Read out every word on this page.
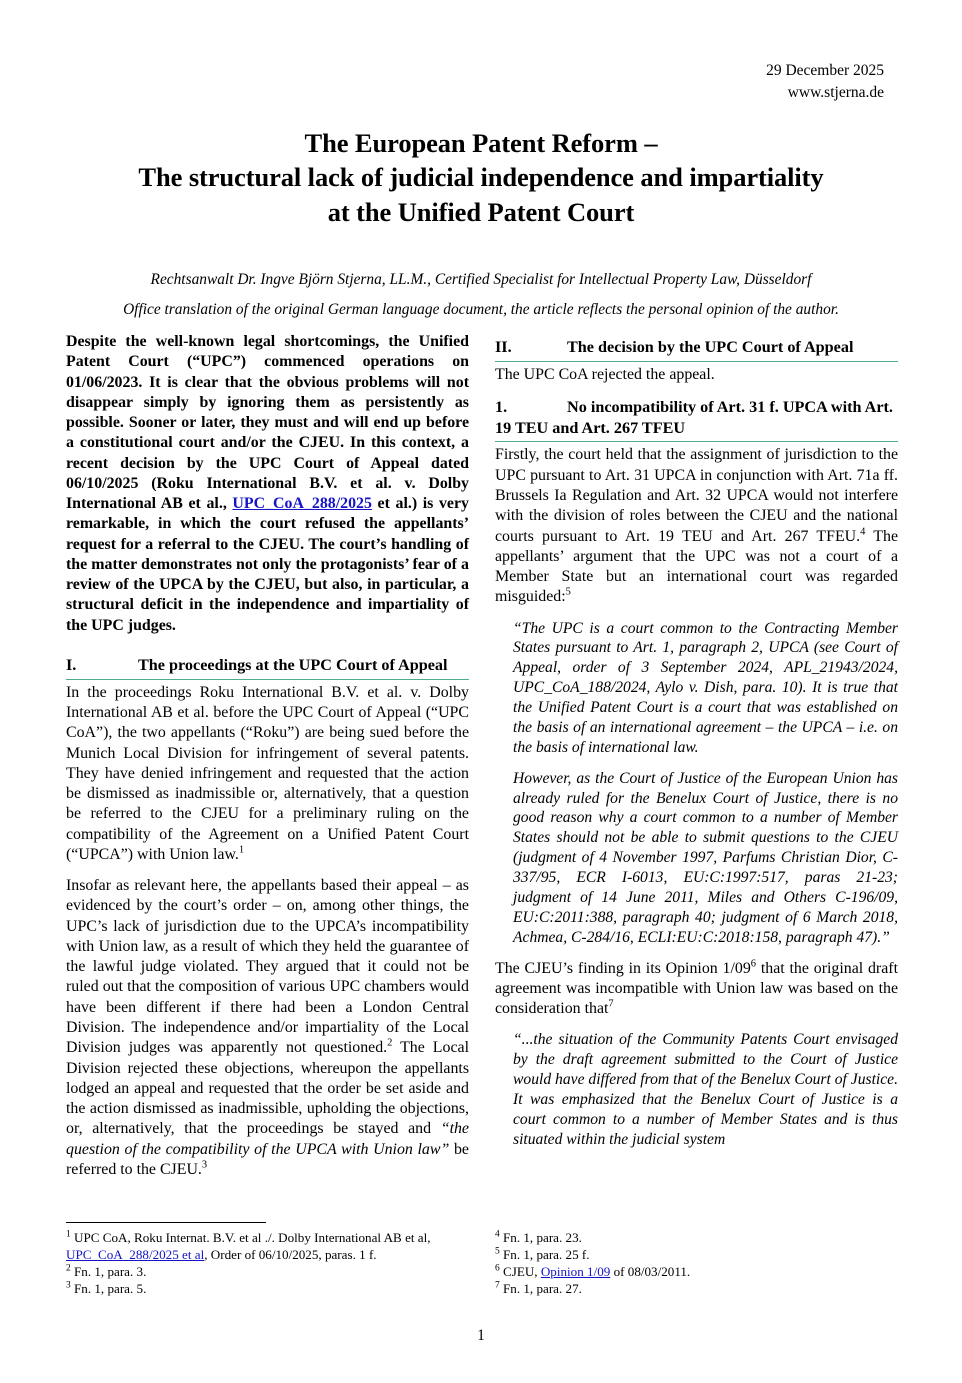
29 December 2025
www.stjerna.de
The European Patent Reform –
The structural lack of judicial independence and impartiality
at the Unified Patent Court
Rechtsanwalt Dr. Ingve Björn Stjerna, LL.M., Certified Specialist for Intellectual Property Law, Düsseldorf
Office translation of the original German language document, the article reflects the personal opinion of the author.

Despite the well-known legal shortcomings, the Unified Patent Court (“UPC”) commenced operations on 01/06/2023. It is clear that the obvious problems will not disappear simply by ignoring them as persistently as possible. Sooner or later, they must and will end up before a constitutional court and/or the CJEU. In this context, a recent decision by the UPC Court of Appeal dated 06/10/2025 (Roku International B.V. et al. v. Dolby International AB et al., UPC_CoA_288/2025 et al.) is very remarkable, in which the court refused the appellants’ request for a referral to the CJEU. The court’s handling of the matter demonstrates not only the protagonists’ fear of a review of the UPCA by the CJEU, but also, in particular, a structural deficit in the independence and impartiality of the UPC judges.

I.	The proceedings at the UPC Court of Appeal

In the proceedings Roku International B.V. et al. v. Dolby International AB et al. before the UPC Court of Appeal (“UPC CoA”), the two appellants (“Roku”) are being sued before the Munich Local Division for infringement of several patents. They have denied infringement and requested that the action be dismissed as inadmissible or, alternatively, that a question be referred to the CJEU for a preliminary ruling on the compatibility of the Agreement on a Unified Patent Court (“UPCA”) with Union law.$^1$

Insofar as relevant here, the appellants based their appeal – as evidenced by the court’s order – on, among other things, the UPC’s lack of jurisdiction due to the UPCA’s incompatibility with Union law, as a result of which they held the guarantee of the lawful judge violated. They argued that it could not be ruled out that the composition of various UPC chambers would have been different if there had been a London Central Division. The independence and/or impartiality of the Local Division judges was apparently not questioned.$^2$ The Local Division rejected these objections, whereupon the appellants lodged an appeal and requested that the order be set aside and the action dismissed as inadmissible, upholding the objections, or, alternatively, that the proceedings be stayed and “the question of the compatibility of the UPCA with Union law” be referred to the CJEU.$^3$

II.	The decision by the UPC Court of Appeal

The UPC CoA rejected the appeal.

1.	No incompatibility of Art. 31 f. UPCA with Art. 19 TEU and Art. 267 TFEU

Firstly, the court held that the assignment of jurisdiction to the UPC pursuant to Art. 31 UPCA in conjunction with Art. 71a ff. Brussels Ia Regulation and Art. 32 UPCA would not interfere with the division of roles between the CJEU and the national courts pursuant to Art. 19 TEU and Art. 267 TFEU.$^4$ The appellants’ argument that the UPC was not a court of a Member State but an international court was regarded misguided:$^5$

“The UPC is a court common to the Contracting Member States pursuant to Art. 1, paragraph 2, UPCA (see Court of Appeal, order of 3 September 2024, APL_21943/2024, UPC_CoA_188/2024, Aylo v. Dish, para. 10). It is true that the Unified Patent Court is a court that was established on the basis of an international agreement – the UPCA – i.e. on the basis of international law.
However, as the Court of Justice of the European Union has already ruled for the Benelux Court of Justice, there is no good reason why a court common to a number of Member States should not be able to submit questions to the CJEU (judgment of 4 November 1997, Parfums Christian Dior, C-337/95, ECR I-6013, EU:C:1997:517, paras 21-23; judgment of 14 June 2011, Miles and Others C-196/09, EU:C:2011:388, paragraph 40; judgment of 6 March 2018, Achmea, C-284/16, ECLI:EU:C:2018:158, paragraph 47).”

The CJEU’s finding in its Opinion $1/09^6$ that the original draft agreement was incompatible with Union law was based on the consideration that$^7$

“...the situation of the Community Patents Court envisaged by the draft agreement submitted to the Court of Justice would have differed from that of the Benelux Court of Justice. It was emphasized that the Benelux Court of Justice is a court common to a number of Member States and is thus situated within the judicial system

$^1$ UPC CoA, Roku Internat. B.V. et al ./. Dolby International AB et al, UPC_CoA_288/2025 et al, Order of 06/10/2025, paras. 1 f.

$^2$ Fn. 1, para. 3.

$^3$ Fn. 1, para. 5.

$^4$ Fn. 1, para. 23.

$^5$ Fn. 1, para. 25 f.

$^6$ CJEU, Opinion 1/09 of 08/03/2011.

$^7$ Fn. 1, para. 27.

1
